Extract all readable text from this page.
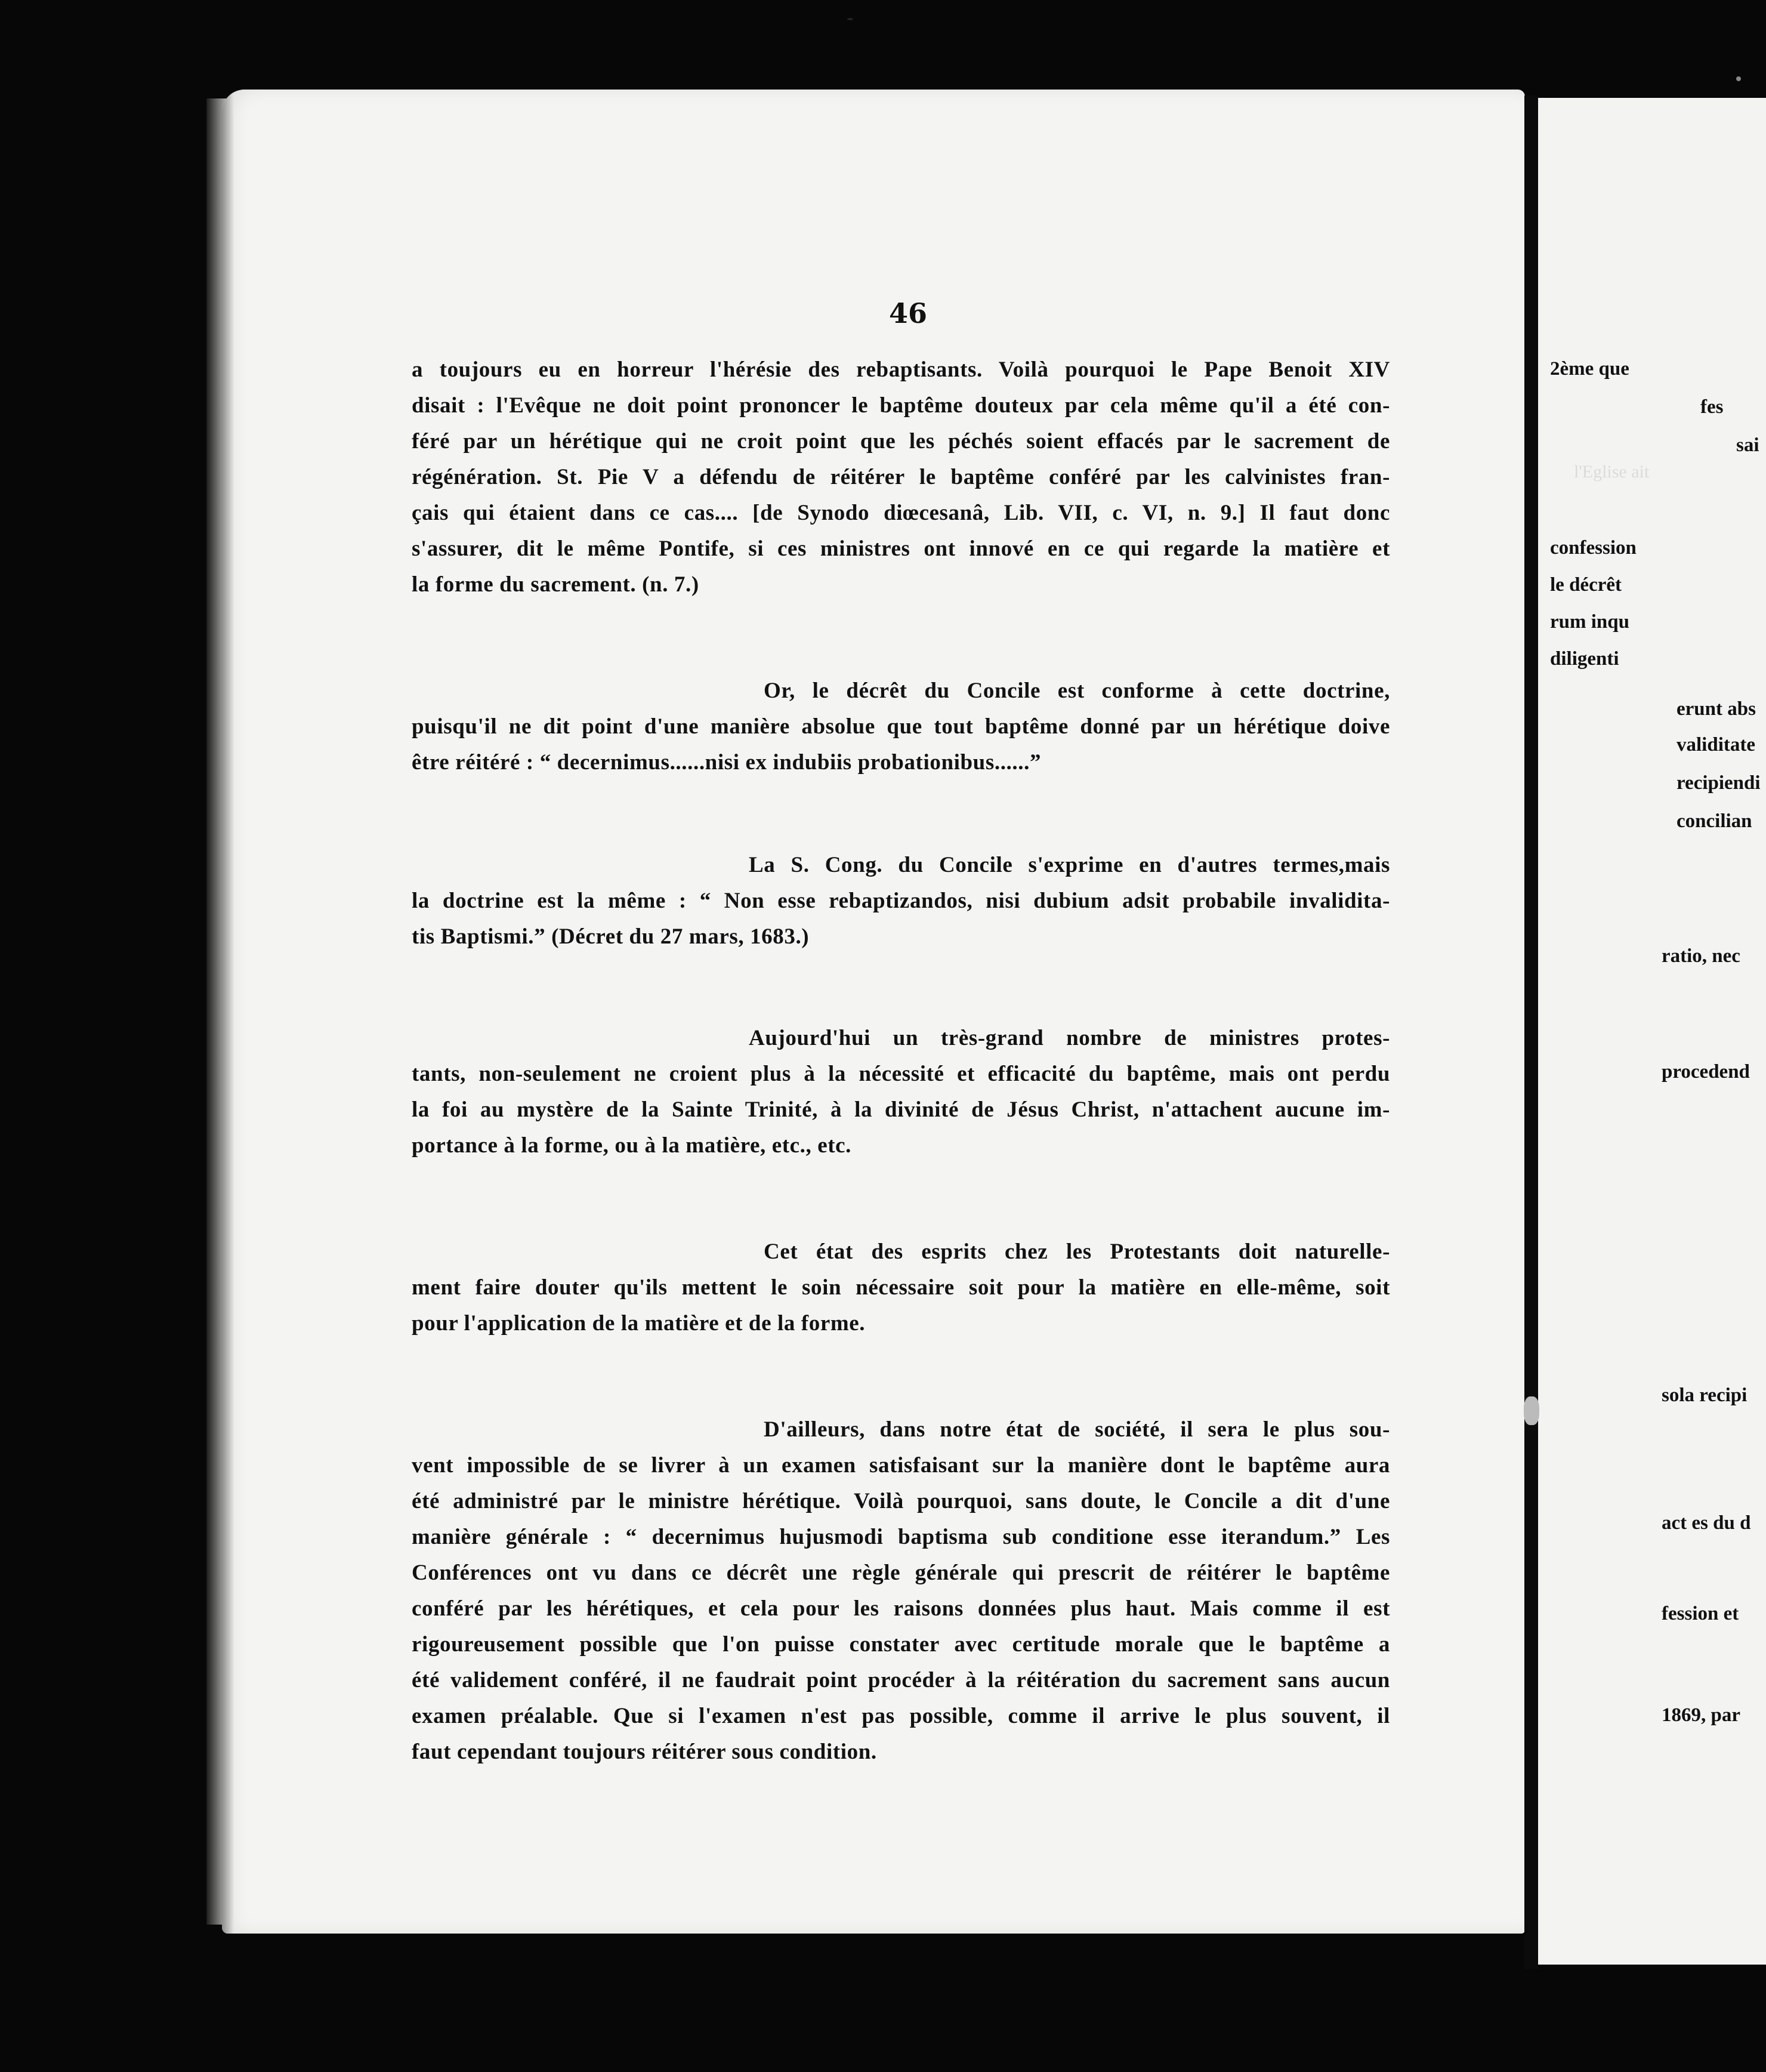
l'Eglise ait
46
a toujours eu en horreur l'hérésie des rebaptisants. Voilà pourquoi le Pape Benoit XIV
disait : l'Evêque ne doit point prononcer le baptême douteux par cela même qu'il a été con-
féré par un hérétique qui ne croit point que les péchés soient effacés par le sacrement de
régénération. St. Pie V a défendu de réitérer le baptême conféré par les calvinistes fran-
çais qui étaient dans ce cas.... [de Synodo diœcesanâ, Lib. VII, c. VI, n. 9.] Il faut donc
s'assurer, dit le même Pontife, si ces ministres ont innové en ce qui regarde la matière et
la forme du sacrement. (n. 7.)
Or, le décrêt du Concile est conforme à cette doctrine,
puisqu'il ne dit point d'une manière absolue que tout baptême donné par un hérétique doive
être réitéré : “ decernimus......nisi ex indubiis probationibus......”
La S. Cong. du Concile s'exprime en d'autres termes,mais
la doctrine est la même : “ Non esse rebaptizandos, nisi dubium adsit probabile invalidita-
tis Baptismi.” (Décret du 27 mars, 1683.)
Aujourd'hui un très-grand nombre de ministres protes-
tants, non-seulement ne croient plus à la nécessité et efficacité du baptême, mais ont perdu
la foi au mystère de la Sainte Trinité, à la divinité de Jésus Christ, n'attachent aucune im-
portance à la forme, ou à la matière, etc., etc.
Cet état des esprits chez les Protestants doit naturelle-
ment faire douter qu'ils mettent le soin nécessaire soit pour la matière en elle-même, soit
pour l'application de la matière et de la forme.
D'ailleurs, dans notre état de société, il sera le plus sou-
vent impossible de se livrer à un examen satisfaisant sur la manière dont le baptême aura
été administré par le ministre hérétique. Voilà pourquoi, sans doute, le Concile a dit d'une
manière générale : “ decernimus hujusmodi baptisma sub conditione esse iterandum.” Les
Conférences ont vu dans ce décrêt une règle générale qui prescrit de réitérer le baptême
conféré par les hérétiques, et cela pour les raisons données plus haut. Mais comme il est
rigoureusement possible que l'on puisse constater avec certitude morale que le baptême a
été validement conféré, il ne faudrait point procéder à la réitération du sacrement sans aucun
examen préalable. Que si l'examen n'est pas possible, comme il arrive le plus souvent, il
faut cependant toujours réitérer sous condition.
2ème que
fes
sai
confession
le décrêt
rum inqu
diligenti
erunt abs
validitate
recipiendi
concilian
ratio, nec
procedend
sola recipi
act es du d
fession et
1869, par
